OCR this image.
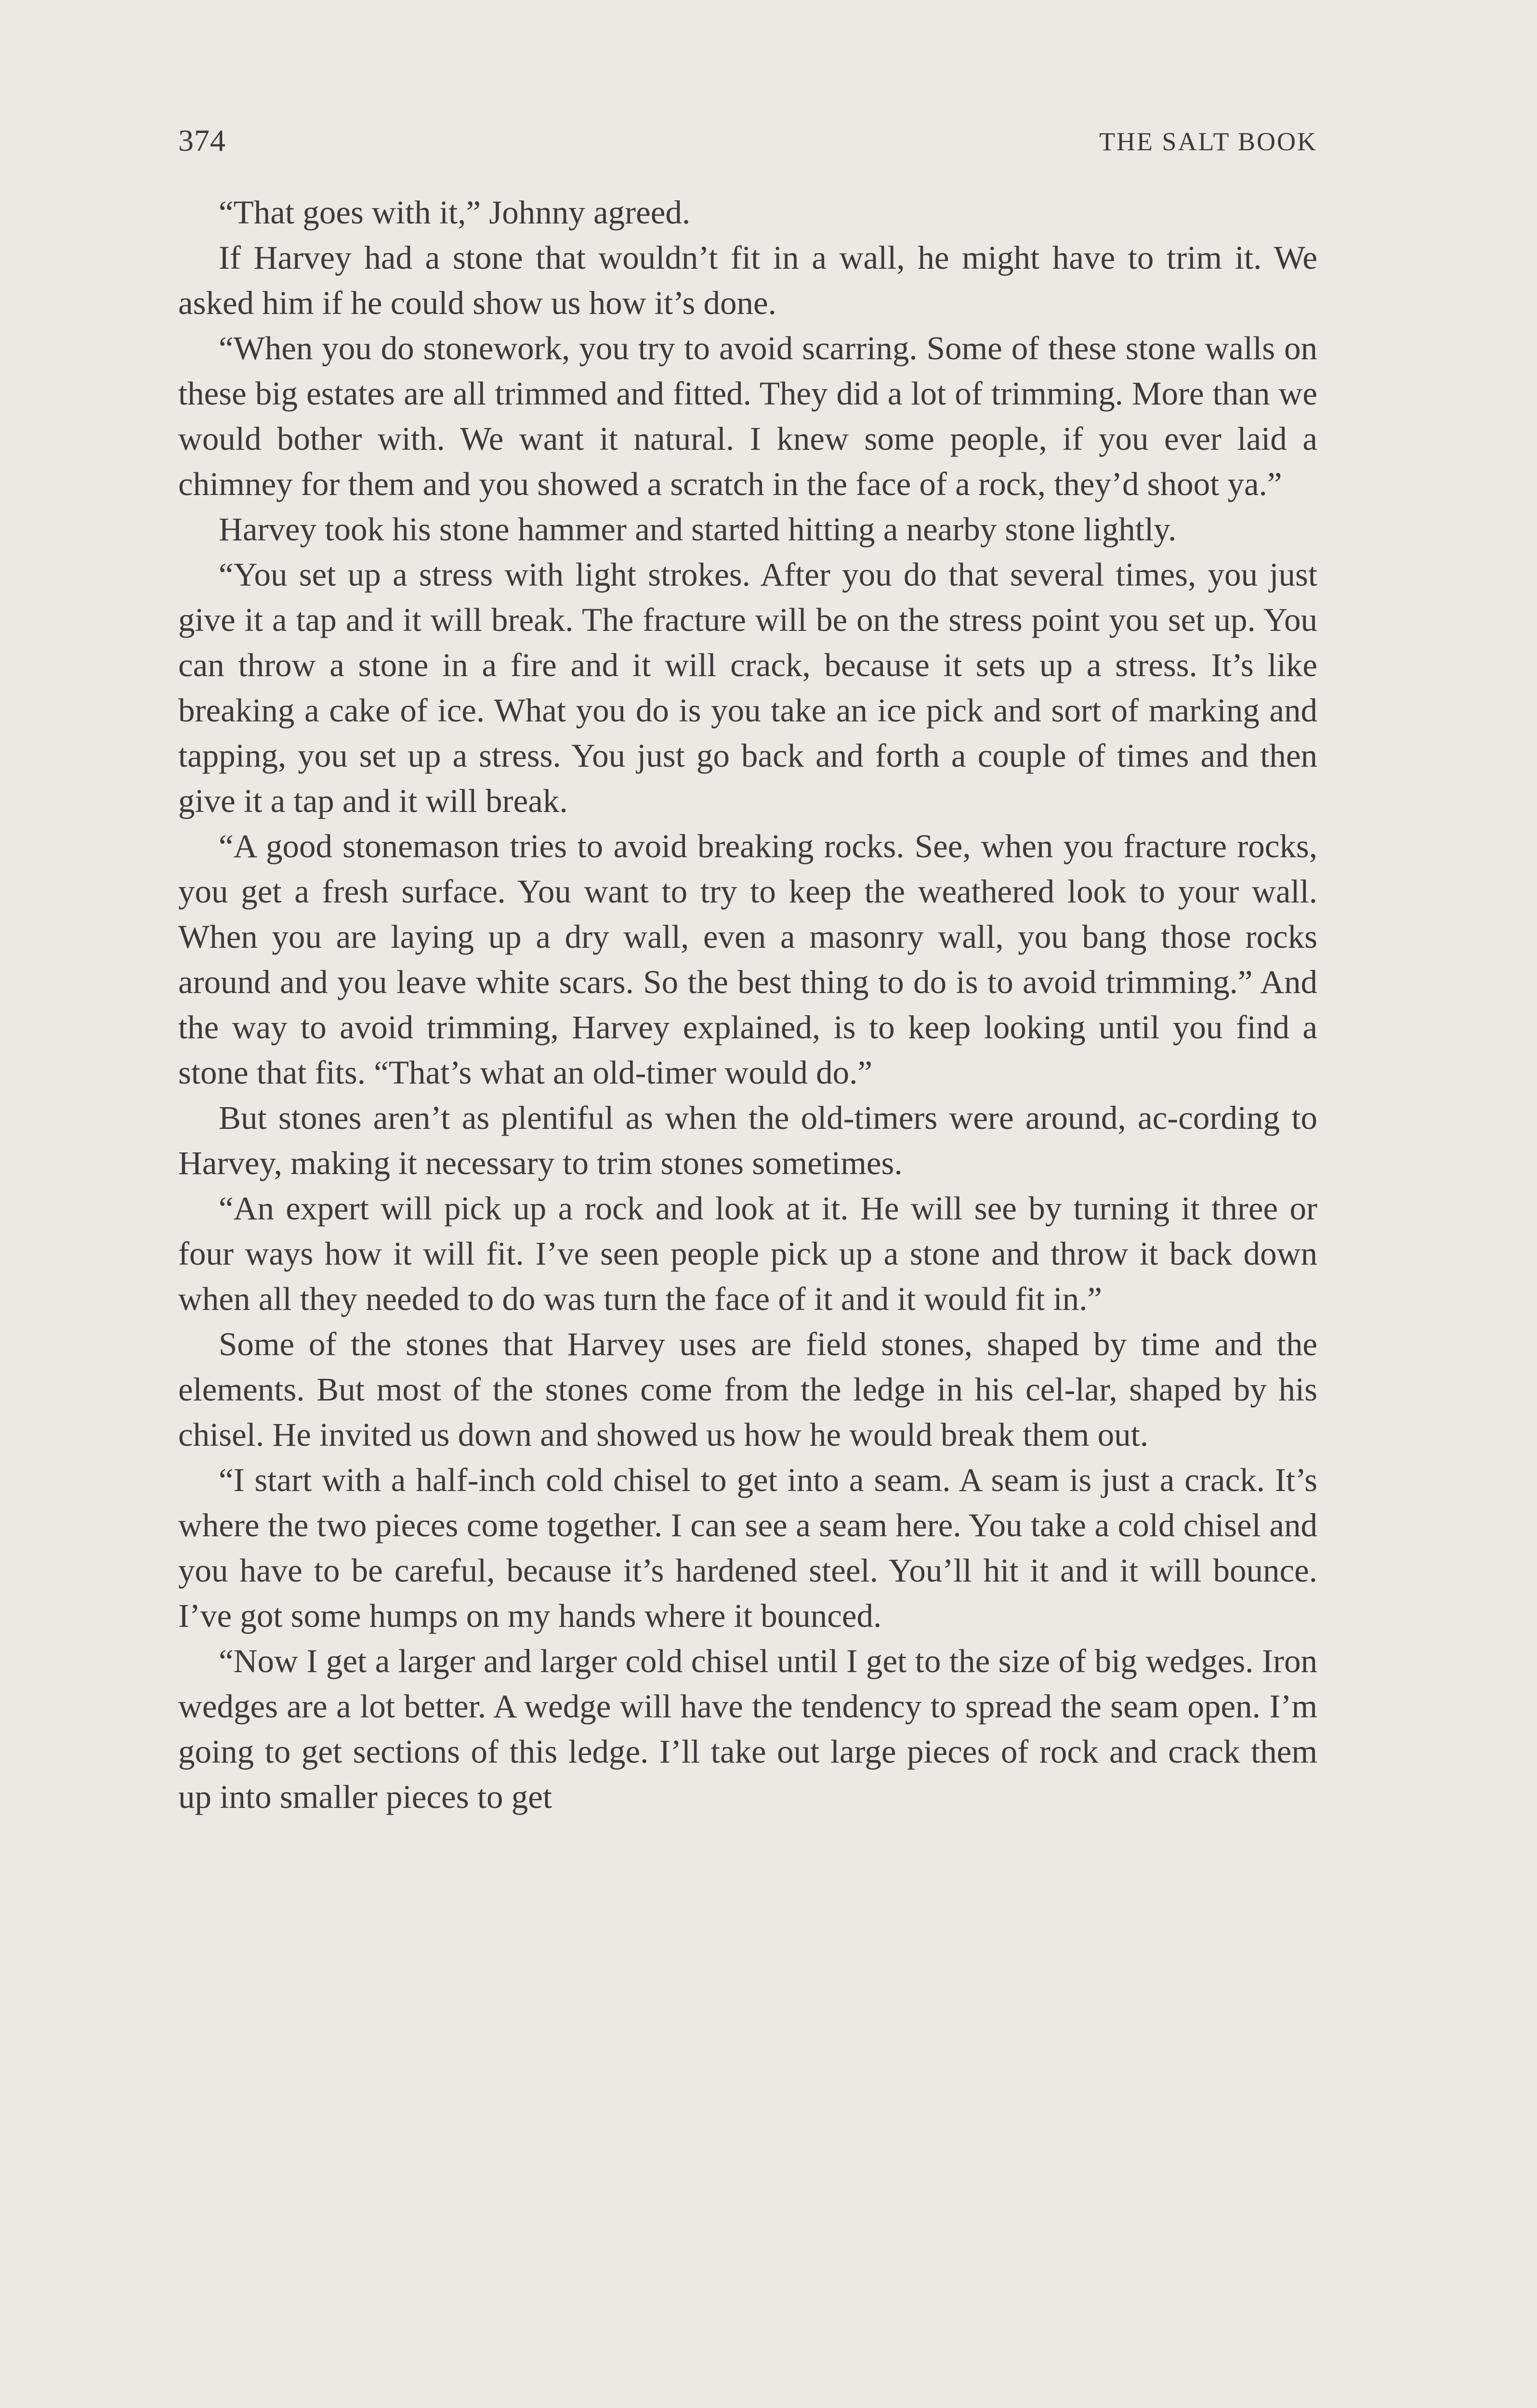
374	THE SALT BOOK

“That goes with it,” Johnny agreed.

If Harvey had a stone that wouldn’t fit in a wall, he might have to trim it. We asked him if he could show us how it’s done.

“When you do stonework, you try to avoid scarring. Some of these stone walls on these big estates are all trimmed and fitted. They did a lot of trimming. More than we would bother with. We want it natural. I knew some people, if you ever laid a chimney for them and you showed a scratch in the face of a rock, they’d shoot ya.”

Harvey took his stone hammer and started hitting a nearby stone lightly.

“You set up a stress with light strokes. After you do that several times, you just give it a tap and it will break. The fracture will be on the stress point you set up. You can throw a stone in a fire and it will crack, because it sets up a stress. It’s like breaking a cake of ice. What you do is you take an ice pick and sort of marking and tapping, you set up a stress. You just go back and forth a couple of times and then give it a tap and it will break.

“A good stonemason tries to avoid breaking rocks. See, when you fracture rocks, you get a fresh surface. You want to try to keep the weathered look to your wall. When you are laying up a dry wall, even a masonry wall, you bang those rocks around and you leave white scars. So the best thing to do is to avoid trimming.” And the way to avoid trimming, Harvey explained, is to keep looking until you find a stone that fits. “That’s what an old-timer would do.”

But stones aren’t as plentiful as when the old-timers were around, ac-cording to Harvey, making it necessary to trim stones sometimes.

“An expert will pick up a rock and look at it. He will see by turning it three or four ways how it will fit. I’ve seen people pick up a stone and throw it back down when all they needed to do was turn the face of it and it would fit in.”

Some of the stones that Harvey uses are field stones, shaped by time and the elements. But most of the stones come from the ledge in his cel-lar, shaped by his chisel. He invited us down and showed us how he would break them out.

“I start with a half-inch cold chisel to get into a seam. A seam is just a crack. It’s where the two pieces come together. I can see a seam here. You take a cold chisel and you have to be careful, because it’s hardened steel. You’ll hit it and it will bounce. I’ve got some humps on my hands where it bounced.

“Now I get a larger and larger cold chisel until I get to the size of big wedges. Iron wedges are a lot better. A wedge will have the tendency to spread the seam open. I’m going to get sections of this ledge. I’ll take out large pieces of rock and crack them up into smaller pieces to get
